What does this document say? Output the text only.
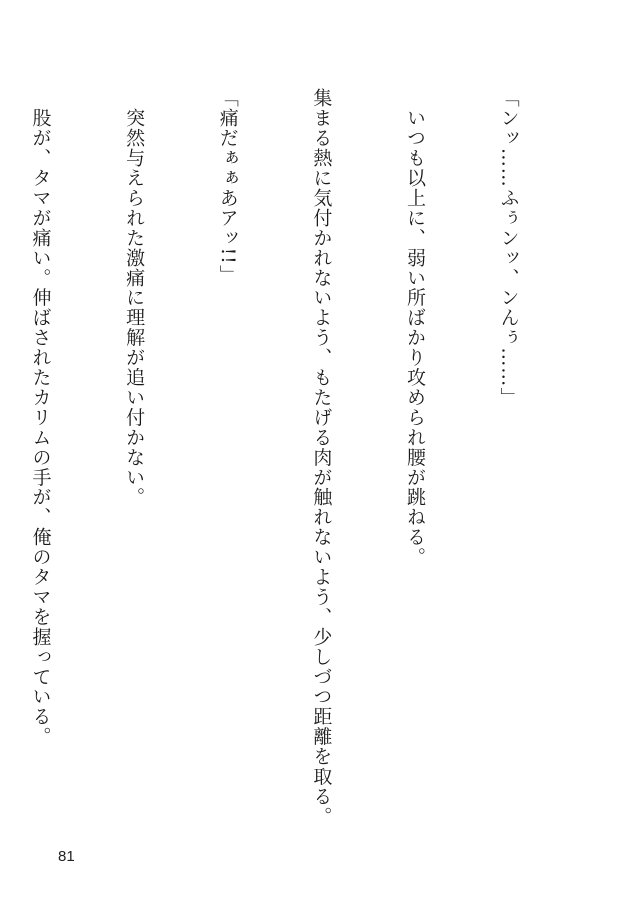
「ンッ……ふぅンッ、ンんぅ……」

　いつも以上に、弱い所ばかり攻められ腰が跳ねる。

集まる熱に気付かれないよう、もたげる肉が触れないよう、少しづつ距離を取る。

「痛だぁぁあアッ!!」

　突然与えられた激痛に理解が追い付かない。

　股が、タマが痛い。伸ばされたカリムの手が、俺のタマを握っている。

81
